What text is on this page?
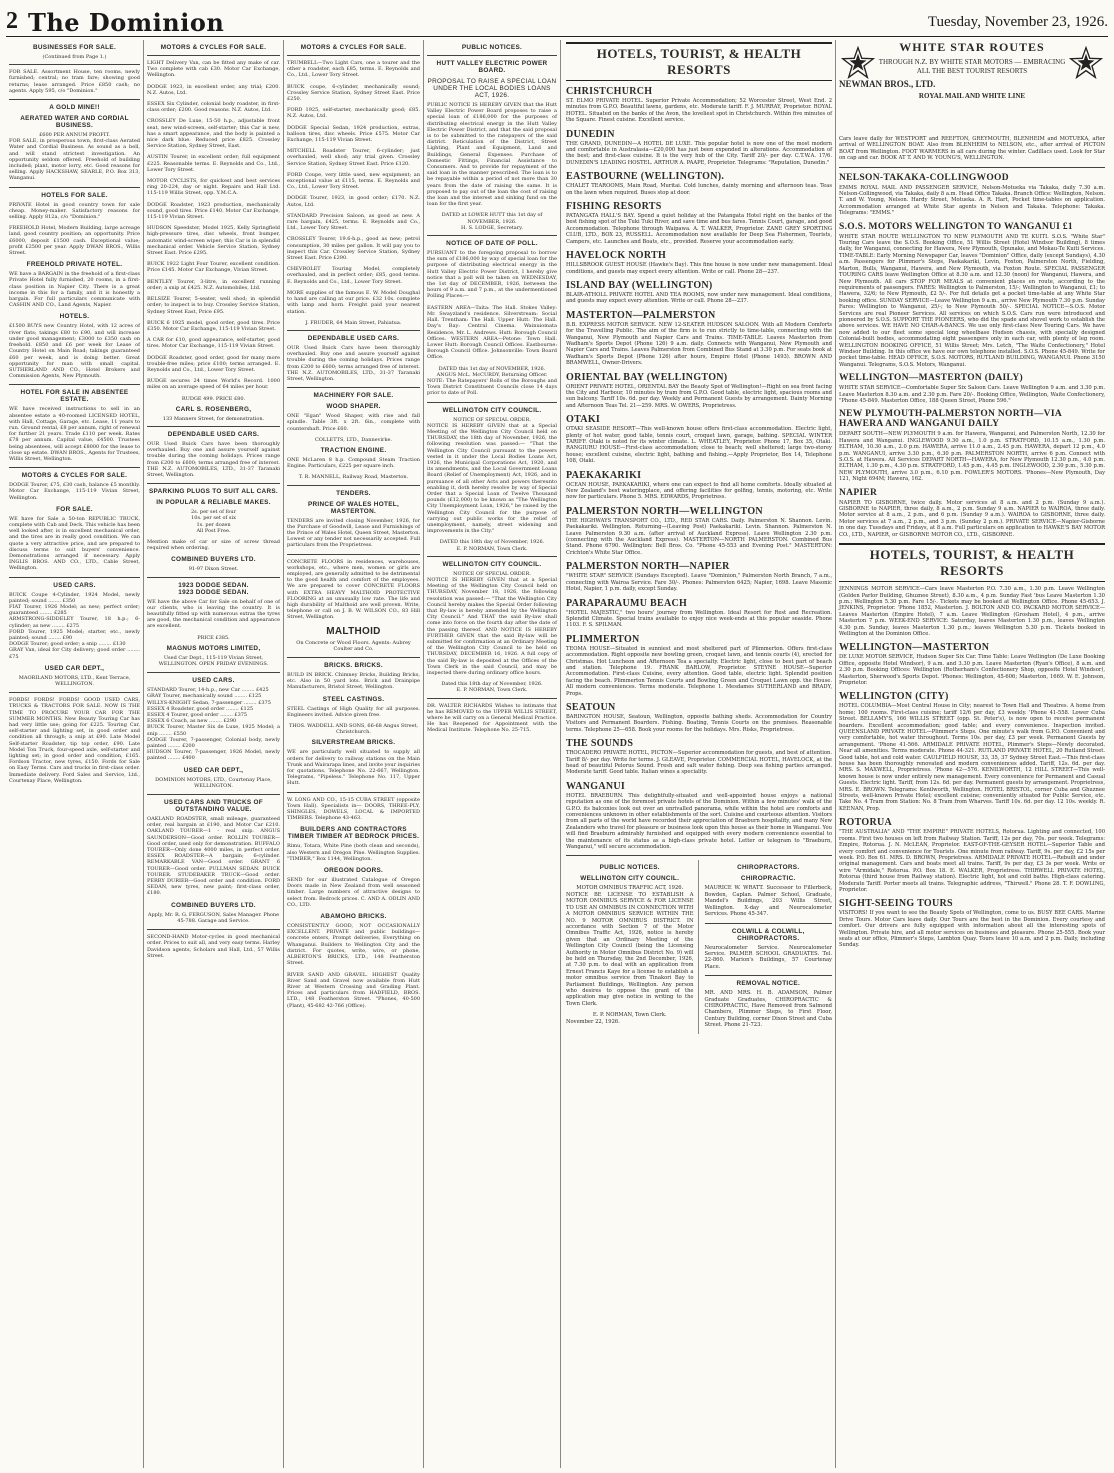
2 The Dominion	Tuesday, November 23, 1926.
BUSINESSES FOR SALE.
(Continued from Page 1.)

FOR SALE. Assortment House, ten rooms, newly furnished; central; no tram fare; showing good returns; lease arranged. Price £850 cash; no agents. Apply 595, c/o "Dominion."

A GOLD MINE!!
AERATED WATER AND CORDIAL BUSINESS.
£600 PER ANNUM PROFIT.

FOR SALE, in prosperous town, first-class Aerated Water and Cordial Business. As sound as a bell, and will stand strictest investigation. An opportunity seldom offered. Freehold of building included; plant, motor lorry, etc. Good reasons for selling. Apply HACKSHAW, SEARLE, P.O. Box 313, Wanganui.

HOTELS FOR SALE.

PRIVATE Hotel in good country town for sale cheap. Money-maker. Satisfactory reasons for selling. Apply 812a, c/o "Dominion."

FREEHOLD Hotel, Modern Building, large acreage land, good country position; an opportunity. Price £6000, deposit £1500 cash. Exceptional value; profit £2500 per year. Apply DWAN BROS., Willis Street.

FREEHOLD PRIVATE HOTEL.

WE have a BARGAIN in the freehold of a first-class Private Hotel fully furnished, 20 rooms, in a first-class position in Napier City. There is a great income in this for a family, and it is honestly a bargain. For full particulars communicate with CASHIN AND CO., Land Agents, Napier.

HOTELS.

£1500 BUYS new Country Hotel, with 12 acres of river flats; takings £80 to £90, and will increase under good management; £3000 to £350 cash on freehold. £850 and £6 per week for Lease of Country Hotel on Main Road; takings guaranteed £60 per week, and is doing better. Great opportunity for man with small capital. SUTHERLAND AND CO., Hotel Brokers and Commission Agents, New Plymouth.

HOTEL FOR SALE IN ABSENTEE ESTATE.

WE have received instructions to sell in an absentee estate a 40-roomed LICENSED HOTEL, with Hall, Cottage, Garage, etc. Lease, 11 years to run. Ground rental, £8 per annum, right of renewal for further 21 years. Trade £110 per week. Rates £78 per annum. Capital value, £4500. Trustees being absentees, will accept £8000 for the lease to close up estate. DWAN BROS., Agents for Trustees, Willis Street, Wellington.

MOTORS & CYCLES FOR SALE.

DODGE Tourer, £75, £30 cash, balance £5 monthly. Motor Car Exchange, 115-119 Vivian Street, Wellington.

FOR SALE.

WE have for Sale a 50-ton REPUBLIC TRUCK, complete with Cab and Deck. This vehicle has been well looked after, is in excellent mechanical order, and the tires are in really good condition. We can quote a very attractive price, and are prepared to discuss terms to suit buyers' convenience. Demonstrations arranged if necessary. Apply INGLIS BROS. AND CO., LTD., Cable Street, Wellington.

USED CARS.

BUICK Coupe 4-Cylinder, 1924 Model, newly painted; sound ........ £350
FIAT Tourer, 1926 Model; as new; perfect order; guaranteed ........ £285
ARMSTRONG-SIDDELEY Tourer, 18 h.p.; 6-cylinder; as new ........ £275
FORD Tourer, 1925 Model; starter, etc., newly painted; sound ........ £90
DODGE Tourer; good order; a snip ........ £130
GRAY Van, ideal for City delivery; good order ........ £75

USED CAR DEPT.,

MAORILAND MOTORS, LTD., Kent Terrace, WELLINGTON.

FORDS! FORDS! FORDS! GOOD USED CARS, TRUCKS & TRACTORS FOR SALE. NOW IS THE TIME TO PROCURE YOUR CAR FOR THE SUMMER MONTHS. New Beauty Touring Car has had very little use; going for £225. Touring Car, self-starter and lighting set, in good order and condition all through; a snip at £90. Late Model Self-starter Roadster, tip top order, £90. Late Model Ton Truck, four-speed axle, self-starter and lighting set; in good order and condition, £165. Fordson Tractor, new tyres, £150. Fords for Sale on Easy Terms. Cars and trucks in first-class order. Immediate delivery. Ford Sales and Service, Ltd., Courtenay Place, Wellington.

MOTORS & CYCLES FOR SALE.

LIGHT Delivery Van, can be fitted any make of car. Two complete with cab £30. Motor Car Exchange, Wellington.

DODGE 1923, in excellent order, any trial; £200. N.Z. Autos, Ltd.

ESSEX Six Cylinder, colonial body roadster, in first-class order; £200. Good reasons. N.Z. Autos, Ltd.

CROSSLEY De Luxe, 15-50 h.p., adjustable front seat, new wind-screen, self-starter; this Car is new, has a smart appearance, and the body is painted a nice dark blue. Reduced price £825. Crossley Service Station, Sydney Street, East.

AUSTIN Tourer, in excellent order; full equipment £225. Reasonable terms. E. Reynolds and Co., Ltd., Lower Tory Street.

MOTOR CYCLISTS, for quickest and best services ring 20-224, day or night. Repairs and Hall Ltd. 115-119 Willis Street, opp. Y.M.C.A.

DODGE Roadster, 1923 production, mechanically sound, good tires. Price £140. Motor Car Exchange, 115-119 Vivian Street.

HUDSON Speedster, Model 1925, Kelly Springfield high-pressure tires, disc wheels, front bumper, automatic wind-screen wiper; this Car is in splendid mechanical order. Vehicle Service Station, Sydney Street East. Price £295.

BUICK 1922 Light Four Tourer, excellent condition. Price £145. Motor Car Exchange, Vivian Street.

BENTLEY Tourer, 3-litre, in excellent running order; a snip at £425. N.Z. Automobiles, Ltd.

BELSIZE Tourer, 5-seater, well shod; in splendid order; to inspect is to buy. Crossley Service Station, Sydney Street East, Price £95.

BUICK 6 1925 model, good order, good tires. Price £350. Motor Car Exchange, 115-119 Vivian Street.

A CAR for £10, good appearance, self-starter, good tires. Motor Car Exchange, 115-119 Vivian Street.

DODGE Roadster, good order, good for many more trouble-free miles; price £100; terms arranged. E. Reynolds and Co., Ltd., Lower Tory Street.

RUDGE secures 24 times World's Record. 1000 miles on an average speed of 64 miles per hour.

RUDGE 499. PRICE £80.
CARL S. ROSENBERG,
133 Manners Street, for demonstration.
DEPENDABLE USED CARS.

OUR Used Buick Cars have been thoroughly overhauled. Buy one and assure yourself against trouble during the coming holidays. Prices range from £200 to £600; terms arranged free of interest. THE N.Z. AUTOMOBILES, LTD., 31-37 Taranaki Street, Wellington.

SPARKING PLUGS TO SUIT ALL CARS.
IN POPULAR & RELIABLE MAKES.

2s. per set of four
10s. per set of six
1s. per dozen
All Post Free.

Mention make of car or size of screw thread required when ordering.

COMBINED BUYERS LTD.
91-97 Dixon Street.
1923 DODGE SEDAN.
1923 DODGE SEDAN.

WE have the above Car for Sale on behalf of one of our clients, who is leaving the country. It is beautifully fitted up with numerous extras the tyres are good, the mechanical condition and appearance are excellent.

PRICE £385.
MAGNUS MOTORS LIMITED,

Used Car Dept., 115-119 Vivian Street, WELLINGTON. OPEN FRIDAY EVENINGS.

USED CARS.

STANDARD Tourer, 14-h.p., new Car ........ £425
GRAY Tourer, mechanically sound ........ £125
WILLYS-KNIGHT Sedan, 7-passenger ........ £375
ESSEX 4 Roadster, good order ........ £125
ESSEX 4 Tourer, good order ........ £375
ESSEX 6 Coach, as new ........ £290
BUICK Tourer, Master Six de Luxe, 1925 Model; a snip ........ £550
DODGE Tourer, 7-passenger, Colonial body, newly painted ........ £200
HUDSON Tourer, 7-passenger, 1926 Model, newly painted ........ £400

USED CAR DEPT.,

DOMINION MOTORS, LTD., Courtenay Place, WELLINGTON.

USED CARS AND TRUCKS OF OUTSTANDING VALUE.

OAKLAND ROADSTER, small mileage, guaranteed order, real bargain at £190, and Motor Car £210. OAKLAND TOURER—1 - real snip. ANGUS SAUNDERSON—Good order. ROLLIN TOURER—Good order, used only for demonstration. BUFFALO TOURER—Only done 4000 miles, in perfect order. ESSEX ROADSTER—A bargain; 6-cylinder. REMARKABLE VAN—Good order. GRANT 6 TOURER—Good order. PULLMAN SEDAN. BUICK TOURER. STUDEBAKER TRUCK—Good order. PERRY DURIER—Good order and condition. FORD SEDAN, new tyres, new paint; first-class order, £180.

COMBINED BUYERS LTD.

Apply, Mr. R. G. FERGUSON, Sales Manager. Phone 45-788. Garage and Service.

SECOND-HAND Motor-cycles in good mechanical order. Prices to suit all, and very easy terms. Harley Davidson agents, Scholars and Hall, Ltd., 57 Willis Street.

MOTORS & CYCLES FOR SALE.

TRUMBELL—Two Light Cars, one a tourer and the other a roadster, each £85, terms. E. Reynolds and Co., Ltd., Lower Tory Street.

BUICK coupe, 6-cylinder, mechanically sound; Crossley Service Station, Sydney Street East. Price £250.

FORD 1925, self-starter, mechanically good; £85. N.Z. Autos, Ltd.

DODGE Special Sedan, 1924 production, extras, balloon tires, disc wheels. Price £575. Motor Car Exchange, 115-119 Vivian Street.

MITCHELL Roadster Tourer, 6-cylinder; just overhauled, well shod; any trial given. Crossley Service Station, Sydney Street East. Price £120.

FORD Coupe, very little used, new equipment; an exceptional value at £115, terms. E. Reynolds and Co., Ltd., Lower Tory Street.

DODGE Tourer, 1923, in good order; £170. N.Z. Autos, Ltd.

STANDARD Precision Saloon, as good as new. A rare bargain, £425, terms. E. Reynolds and Co., Ltd., Lower Tory Street.

CROSSLEY Tourer, 19.6-h.p., good as new; petrol consumption, 30 miles per gallon. It will pay you to inspect this Car. Crossley Service Station, Sydney Street East. Price £290.

CHEVROLET Touring Model, completely overhauled, and in perfect order; £85, good terms. E. Reynolds and Co., Ltd., Lower Tory Street.

MORE supplies of the famous E. W. Model Doughal to hand are calling at our price. £32 10s. complete with lamp and horn. Freight paid your nearest station.

J. FRUDER, 64 Main Street, Pahiatua.
DEPENDABLE USED CARS.

OUR Used Buick Cars have been thoroughly overhauled. Buy one and assure yourself against trouble during the coming holidays. Prices range from £200 to £600; terms arranged free of interest. THE N.Z. AUTOMOBILES, LTD., 31-37 Taranaki Street, Wellington.

MACHINERY FOR SALE.
WOOD SHAPER.

ONE "Egan" Wood Shaper, with rise and fall spindle. Table 3ft. x 2ft. 6in., complete with countershaft. Price £60.

COLLETTS, LTD., Dannevirke.
TRACTION ENGINE.

ONE McLaren 8 h.p. Compound Steam Traction Engine. Particulars, £225 per square inch.

T. R. MANNELL, Railway Road, Masterton.
TENDERS.
PRINCE OF WALES HOTEL, MASTERTON.

TENDERS are invited closing November, 1926, for the Purchase of Goodwill, Lease and Furnishings of the Prince of Wales Hotel, Queen Street, Masterton. Lowest or any tender not necessarily accepted. Full particulars from the Proprietress.

CONCRETE FLOORS in residences, warehouses, workshops, etc., where men, women or girls are employed, are generally admitted to be detrimental to the good health and comfort of the employees. We are prepared to cover CONCRETE FLOORS with EXTRA HEAVY MALTHOID PROTECTIVE FLOORING at an unusually low rate. The life and high durability of Malthoid are well proven. Write, telephone or call on J. B. W. WILSON CO., 83 Hill Street, Wellington.

MALTHOID

On Concrete or Wood Floors. Agents: Aubrey Coulter and Co.

BRICKS. BRICKS.

BUILD IN BRICK. Chimney Bricks, Building Bricks, etc. Also in 50 yard lots. Brick and Drainpipe Manufacturers, Bristol Street, Wellington.

STEEL CASTINGS.

STEEL Castings of High Quality for all purposes. Engineers invited. Advice given free.

THOS. WADDELL AND SONS, 66-68 Angus Street, Christchurch.
SILVERSTREAM BRICKS.

WE are particularly well situated to supply all orders for delivery to railway stations on the Main Trunk and Wairarapa lines, and invite your inquiries for quotations. Telephone No. 22-667, Wellington. Telegrams, "Pipeless." Telephone No. 117, Upper Hutt.

W. LONG AND CO., 15-15 CUBA STREET (opposite Town Hall). Specialists in— DOORS, THREE-PLY, SHINGLES, DOWELS, LOCAL & IMPORTED TIMBERS. Telephone 43-463.

BUILDERS AND CONTRACTORS TIMBER TIMBER AT BEDROCK PRICES.

Rimu, Totara, White Pine (both clean and seconds), also Western and Oregon Pine. Wellington Supplies. "TIMBER," Box 1144, Wellington.

OREGON DOORS.

SEND for our illustrated Catalogue of Oregon Doors made in New Zealand from well seasoned timber. Large numbers of attractive designs to select from. Bedrock prices. C. AND A. ODLIN AND CO., LTD.

ABAMOHO BRICKS.

CONSISTENTLY GOOD, NOT OCCASIONALLY EXCELLENT. PRIVATE and public buildings—concrete enters, Prompt deliveries, Everything on Whanganui. Builders to Wellington City and the district. For quotes, write, wire, or phone, ALBERTON'S BRICKS, LTD., 148 Featherston Street.

RIVER SAND AND GRAVEL. HIGHEST Quality River Sand and Gravel now available from Hutt River at Western Crossing and Grading Plant. Prices and particulars from HADFIELD, BROS. LTD., 148 Featherston Street. "Phones, 40-500 (Plant), 45-682 42-766 (Office).

PUBLIC NOTICES.
HUTT VALLEY ELECTRIC POWER BOARD.
PROPOSAL TO RAISE A SPECIAL LOAN UNDER THE LOCAL BODIES LOANS ACT, 1926.

PUBLIC NOTICE IS HEREBY GIVEN that the Hutt Valley Electric Power Board proposes to raise a special loan of £186,000 for the purposes of distributing electrical energy in the Hutt Valley Electric Power District, and that the said proposal is to be submitted to the ratepayers of the said district. Reticulation of the District, Street Lighting, Plant and Equipment, Land and Buildings, General Expenses. Purchase of Domestic Fittings, Financial Assistance to Consumers. And to provide for repayment of the said loan in the manner prescribed. The loan is to be repayable within a period of not more than 30 years from the date of raising the same. It is proposed to pay out of the loan the cost of raising the loan and the interest and sinking fund on the loan for the first year.

DATED at LOWER HUTT this 1st day of NOVEMBER, 1926.
H. S. LODGE, Secretary.
NOTICE OF DATE OF POLL.

PURSUANT to the foregoing proposal to borrow the sum of £186,000 by way of special loan for the purpose of distributing electrical energy in the Hutt Valley Electric Power District, I hereby give notice that a poll will be taken on WEDNESDAY, the 1st day of DECEMBER, 1926, between the hours of 9 a.m. and 7 p.m., at the undermentioned Polling Places:—

EASTERN AREA—Taita: The Hall. Stokes Valley: Mr. Swayzland's residence. Silverstream: Social Hall. Trentham: The Hall. Upper Hutt: The Hall. Day's Bay: Central Cinema. Wainuiomata Residence, Mr. L. Andrews. Hutt: Borough Council Offices. WESTERN AREA—Petone: Town Hall. Lower Hutt: Borough Council Offices. Eastbourne: Borough Council Office. Johnsonville: Town Board Office.

DATED this 1st day of NOVEMBER, 1926.
ANGUS McL. McCURDY, Returning Officer.

NOTE: The Ratepayers' Rolls of the Boroughs and Town District Constituent Councils close 14 days prior to date of Poll.

WELLINGTON CITY COUNCIL.
NOTICE OF SPECIAL ORDER.

NOTICE IS HEREBY GIVEN that at a Special Meeting of the Wellington City Council held on THURSDAY, the 18th day of November, 1926, the following resolution was passed:— "That the Wellington City Council pursuant to the powers vested in it under the Local Bodies Loans Act, 1926, the Municipal Corporations Act, 1920, and its amendments, and the Local Government Loans Board (Relief of Unemployment) Act, 1926, and in pursuance of all other Acts and powers thereunto enabling it, doth hereby resolve by way of Special Order that a Special Loan of Twelve Thousand pounds (£12,000) to be known as "The Wellington City Unemployment Loan, 1926," be raised by the Wellington City Council for the purpose of carrying out public works for the relief of unemployment, namely, street widening and improvements in the City."

DATED this 18th day of November, 1926.
E. P. NORMAN, Town Clerk.
WELLINGTON CITY COUNCIL.
NOTICE OF SPECIAL ORDER.

NOTICE IS HEREBY GIVEN that at a Special Meeting of the Wellington City Council held on THURSDAY, November 18, 1926, the following resolution was passed:— "That the Wellington City Council hereby makes the Special Order following that By-law is hereby amended by the Wellington City Council." And THAT the said By-law shall come into force on the fourth day after the date of the passing thereof. AND NOTICE IS HEREBY FURTHER GIVEN that the said By-law will be submitted for confirmation at an Ordinary Meeting of the Wellington City Council to be held on THURSDAY, DECEMBER 16, 1926. A full copy of the said By-law is deposited at the Offices of the Town Clerk in the said Council, and may be inspected there during ordinary office hours.

Dated this 18th day of November, 1926.
E. P. NORMAN, Town Clerk.

DR. WALTER RICHARDS Wishes to intimate that he has REMOVED to the UPPER WILLIS STREET, where he will carry on a General Medical Practice. He has Reopened for Appointment with the Medical Institute. Telephone No. 25-715.

HOTELS, TOURIST, & HEALTH RESORTS
CHRISTCHURCH

ST. ELMO PRIVATE HOTEL. Superior Private Accommodation; 52 Worcester Street, West End. 2 minutes from G.P.O. Beautiful lawns, gardens, etc. Moderate tariff. F. J. MURRAY, Proprietor. ROYAL HOTEL. Situated on the banks of the Avon, the loveliest spot in Christchurch. Within five minutes of the Square. Finest cuisine. Excellent service.

DUNEDIN

THE GRAND, DUNEDIN—A HOTEL DE LUXE. This popular hotel is now one of the most modern and comfortable in Australasia—£20,000 has just been expended in alterations. Accommodation of the best; and first-class cuisine. It is the very hub of the City. Tariff 20/- per day. C.T.W.A. 17/6. DUNEDIN'S LEADING HOSTEL. ARTHUR A. PAAPE, Proprietor. Telegrams: "Reputation, Dunedin."

EASTBOURNE (WELLINGTON).

CHALET TEAROOMS, Main Road, Muritai. Cold lunches, dainty morning and afternoon teas. Teas on the lawn when required. Buses stop at door.

FISHING RESORTS

PATANGATA HALL'S BAY. Spend a quiet holiday at the Patangata Hotel right on the banks of the best fishing spot of the Tuki Tuki River, and save time and bus fares. Tennis Court, garage, and good Accommodation. Telephone through Waipawa. A. T. WALKER, Proprietor. ZANE GREY SPORTING CLUB, LTD., BOX 23, RUSSELL. Accommodation now available for Deep Sea Fishermen, Tourists, Campers, etc. Launches and Boats, etc., provided. Reserve your accommodation early.

HAVELOCK NORTH

HILLSBROOK GUEST HOUSE (Hawke's Bay). This fine house is now under new management. Ideal conditions, and guests may expect every attention. Write or call. Phone 28—237.

ISLAND BAY (WELLINGTON)

BLAIR-ATHOLL PRIVATE HOTEL AND TEA ROOMS, now under new management. Ideal conditions, and guests may expect every attention. Write or call. Phone 28—237.

MASTERTON—PALMERSTON

B.B. EXPRESS MOTOR SERVICE. NEW 12-SEATER HUDSON SALOON. With all Modern Comforts for the Travelling Public. The aim of the firm is to run strictly to time-table, connecting with the Wanganui, New Plymouth and Napier Cars and Trains. TIME-TABLE. Leaves Masterton from Wadham's Sports Depot (Phone 126) 9 a.m. daily. Connects with Wanganui, New Plymouth and Napier Cars and Trains. Leaves Palmerston from Combined Bus Stand at 3.30 p.m. For seats book at Wadham's Sports Depot (Phone 126) after hours, Empire Hotel (Phone 1493). BROWN AND BRAMWELL, Owner-Drivers.

ORIENTAL BAY (WELLINGTON)

ORIENT PRIVATE HOTEL, ORIENTAL BAY the Beauty Spot of Wellington!—Right on sea front facing the City and Harbour, 10 minutes by tram from G.P.O. Good table, electric light, spacious rooms and sun balcony. Tariff 10s. 6d. per day. Weekly and Permanent Guests by arrangement. Dainty Morning and Afternoon Teas Tel. 21—259. MRS. W. OWERS, Proprietress.

OTAKI

OTAKI SEASIDE RESORT—This well-known house offers first-class accommodation. Electric light, plenty of hot water, good table, tennis court, croquet lawn, garage, bathing. SPECIAL WINTER TARIFF. Otaki is noted for its winter climate. L. WHEATLEY, Proprietor. Phone 17, Box 35, Otaki. RANGIURU HOUSE—First-class accommodation; close to beach; well sheltered; large two-storey house; excellent cuisine, electric light, bathing and fishing.—Apply Proprietor, Box 14, Telephone 108, Otaki.

PAEKAKARIKI

OCEAN HOUSE, PAEKAKARIKI, where one can expect to find all home comforts. Ideally situated at New Zealand's best wateringplace, and offering facilities for golfing, tennis, motoring, etc. Write now for particulars. Phone 5. MRS. EDWARDS, Proprietress.

PALMERSTON NORTH—WELLINGTON

THE HIGHWAYS TRANSPORT CO., LTD., RED STAR CARS. Daily. Palmerston N. Shannon. Levin. Paekakariki. Wellington. Returning—(Leaving Post) Paekakariki. Levin. Shannon. Palmerston N. Leave Palmerston 9.30 a.m. (after arrival of Auckland Express). Leave Wellington 2.30 p.m. (connecting with the Auckland Express). MASTERTON—NORTH PALMERSTON. Combined Bus Stand. Phone 6790. Wellington: Bell Bros. Co. "Phone 45-553 and Evening Post." MASTERTON: Crichton's White Star Office.

PALMERSTON NORTH—NAPIER

"WHITE STAR" SERVICE (Sundays Excepted). Leave "Dominion," Palmerston North Branch, 7 a.m., connecting with Wairoa Service. Fare 30/-. Phones: Palmerston 6425; Napier, 1698. Leave Masonic Hotel, Napier, 1 p.m. daily, except Sunday.

PARAPARAUMU BEACH

"HOTEL MAJESTIC," two hours' journey from Wellington. Ideal Resort for Rest and Recreation. Splendid Climate. Special trains available to enjoy nice week-ends at this popular seaside. Phone 1103. F. S. SPILMAN.

PLIMMERTON

TEOMA HOUSE—Situated in sunniest and most sheltered part of Plimmerton. Offers first-class accommodation. Right opposite new bowling green, croquet lawn, and tennis courts (4), erected for Christmas. Hot Luncheon and Afternoon Tea a specialty. Electric light, close to best part of beach and station. Telephone 19. FRANK BARLOW, Proprietor. STEYNE HOUSE—Superior Accommodation. First-class Cuisine, every attention. Good table, electric light. Splendid position facing the beach. Plimmerton Tennis Courts and Bowling Green and Croquet Lawn opp. the House. All modern conveniences. Terms moderate. Telephone 1. Mesdames SUTHERLAND and BRADY, Props.

SEATOUN

BARINGTON HOUSE, Seatoun, Wellington, opposite bathing sheds. Accommodation for Country Visitors and Permanent Boarders. Fishing. Boating, Tennis Courts on the premises. Reasonable terms. Telephone 25—658. Book your rooms for the holidays. Mrs. Risks, Proprietress.

THE SOUNDS

TROCADERO PRIVATE HOTEL, PICTON—Superior accommodation for guests, and best of attention. Tariff 8/- per day. Write for terms. J. GLEAVE, Proprietor. COMMERCIAL HOTEL, HAVELOCK, at the head of beautiful Pelorus Sound. Fresh and salt water fishing. Deep sea fishing parties arranged. Moderate tariff. Good table. Italian wines a speciality.

WANGANUI

HOTEL BRAEBURN. This delightfully-situated and well-appointed house enjoys a national reputation as one of the foremost private hotels of the Dominion. Within a few minutes' walk of the G.P.O. its balconies look out over an unrivalled panorama, while within the hotel are comforts and conveniences unknown in other establishments of the sort. Cuisine and courteous attention. Visitors from all parts of the world have recorded their appreciation of Braeburn hospitality, and many New Zealanders who travel for pleasure or business look upon this house as their home in Wanganui. You will find Braeburn admirably furnished and equipped with every modern convenience essential to the maintenance of its status as a high-class private hotel. Letter or telegram to "Braeburn, Wanganui," will secure accommodation.

PUBLIC NOTICES.
WELLINGTON CITY COUNCIL.
MOTOR OMNIBUS TRAFFIC ACT, 1926.

NOTICE BE LICENSE TO ESTABLISH A MOTOR OMNIBUS SERVICE & FOR LICENSE TO USE AN OMNIBUS IN CONNECTION WITH A MOTOR OMNIBUS SERVICE WITHIN THE NO. 9 MOTOR OMNIBUS DISTRICT. IN accordance with Section 7 of the Motor Omnibus Traffic Act, 1926, notice is hereby given that an Ordinary Meeting of the Wellington City Council (being the Licensing Authority in Motor Omnibus District No. 9) will be held on Thursday, the 2nd December, 1926, at 7.30 p.m. to deal with an application from Ernest Francis Kaye for a license to establish a motor omnibus service from Tinakori Bay to Parliament Buildings, Wellington. Any person who desires to oppose the grant of the application may give notice in writing to the Town Clerk.

E. P. NORMAN, Town Clerk.
November 22, 1926.
CHIROPRACTORS.
CHIROPRACTIC.

MAURICE W. WRATT. Successor to Fillerbeck, Bowden, Caplan. Palmer School, Graduate, Mandel's Buildings, 203 Willis Street, Wellington. X-day and Neurocalometer Services. Phone 45-347.

COLWILL & COLWILL, CHIROPRACTORS.

Neurocalometer Service. Neurocalometer Service. PALMER SCHOOL GRADUATES. Tel. 22-860. Marion's Buildings, 57 Courtenay Place.

REMOVAL NOTICE.

MR. AND MRS. H. B. ADAMSON, Palmer Graduate Graduates, CHIROPRACTIC & CHIROPRACTIC, Have Removed from Salmond Chambers, Plimmer Steps, to First Floor, Century Building, corner Dixon Street and Cuba Street. Phone 21-723.

WHITE STAR ROUTES
THROUGH N.Z. BY WHITE STAR MOTORS — EMBRACING ALL THE BEST TOURIST RESORTS
NEWMAN BROS., LTD.
ROYAL MAIL AND WHITE LINE

Cars leave daily for WESTPORT and REEFTON, GREYMOUTH, BLENHEIM and MOTUEKA, after arrival of WELLINGTON BOAT. Also from BLENHEIM to NELSON, etc., after arrival of PICTON BOAT from Wellington. FOOT WARMERS in all cars during the winter. Cadillacs used. Look for Star on cap and car. BOOK AT T. AND W. YOUNG'S, WELLINGTON.

NELSON-TAKAKA-COLLINGWOOD

EMMS ROYAL MAIL AND PASSENGER SERVICE, Nelson-Motueka via Takaka, daily 7.30 a.m. Nelson-Collingwood, via Takaka, daily 8 a.m. Head Office Takaka. Branch Office: Wellington, Nelson. T. and W. Young, Nelson. Hardy Street, Motueka. A. R. Hart, Pocket time-tables on application. Accommodation arranged at White Star agents in Nelson and Takaka. Telephone: Takaka. Telegrams: "EMMS."

S.O.S. MOTORS WELLINGTON TO WANGANUI £1

WHITE STAR ROUTE WELLINGTON TO NEW PLYMOUTH AND TE KUITI. S.O.S. "White Star" Touring Cars leave the S.O.S. Booking Office, 51 Willis Street (Hotel Windsor Building), 8 times daily, for Wanganui, connecting for Hawera, New Plymouth, Opunake, and Mokau-Te Kuiti Services. TIME-TABLE: Early Morning Newspaper Car, leaves "Dominion" Office, daily (except Sundays), 4.30 a.m. Passengers for Plimmer's Steps, Paekakariki, Levin, Foxton, Palmerston North, Fielding, Marton, Bulls, Wanganui, Hawera, and New Plymouth, via Foxton Route. SPECIAL PASSENGER TOURING CARS leave Wellington Office at 8.30 a.m. and 12.30 (noon) for Wanganui, Hawera, and New Plymouth. All cars STOP FOR MEALS at convenient places en route, according to the requirements of passengers. FARES: Wellington to Palmerston, 15/-; Wellington to Wanganui, £1; to Hawera, 32/6; to New Plymouth, £2 5/-. For full details get a pocket time-table at any White Star booking office. SUNDAY SERVICE—Leave Wellington 9 a.m., arrive New Plymouth 7.30 p.m. Sunday Fares: Wellington to Wanganui, 25/-; to New Plymouth 50/-. SPECIAL NOTICE—S.O.S. Motor Services are real Pioneer Services. All services on which S.O.S. Cars run were introduced and pioneered by S.O.S. SUPPORT THE PIONEERS, who did the spade and shovel work to establish the above services. WE HAVE NO CHAR-A-BANCS. We use only first-class New Touring Cars. We have now added to our fleet some special long wheelbase Hudson chassis, with specially designed Colonial-built bodies, accommodating eight passengers only in each car, with plenty of leg room. WELLINGTON BOOKING OFFICE, 51 Willis Street; Mrs. Letch, "The Waite Confectionery," Hotel Windsor Building. In this office we have our own telephone installed. S.O.S. Phone 45-849. Write for pocket time-table. HEAD OFFICE, S.O.S. MOTORS, RUTLAND BUILDING, WANGANUI. Phone 3150 Wanganui. Telegrams, S.O.S. Motors, Wanganui.

WELLINGTON—MASTERTON (DAILY)

WHITE STAR SERVICE—Comfortable Super Six Saloon Cars. Leave Wellington 9 a.m. and 3.30 p.m. Leave Masterton 8.30 a.m. and 2.30 p.m. Fare 20/-. Booking Office, Wellington, Waite Confectionery, "Phone 45-849. Masterton Office, 188 Queen Street, Phone 596."

NEW PLYMOUTH-PALMERSTON NORTH—VIA HAWERA AND WANGANUI DAILY

DEPART SOUTH—NEW PLYMOUTH 9 a.m. for Hawera, Wanganui, and Palmerston North, 12.30 for Hawera and Wanganui. INGLEWOOD 9.30 a.m., 1.0 p.m. STRATFORD, 10.15 a.m., 1.30 p.m. ELTHAM, 10.30 a.m., 2.0 p.m. HAWERA, arrive 11.0 a.m., 2.45 p.m. HAWERA, depart 12 p.m., 4.0 p.m. WANGANUI, arrive 3.30 p.m., 6.30 p.m. PALMERSTON NORTH, arrive 6 p.m. Connect with S.O.S. at Hawera. All Services DEPART NORTH—HAWERA, for New Plymouth 12.30 p.m., 4.0 p.m. ELTHAM, 1.30 p.m., 4.30 p.m. STRATFORD, 1.45 p.m., 4.45 p.m. INGLEWOOD, 2.30 p.m., 5.30 p.m. NEW PLYMOUTH, arrive 3.0 p.m., 6.10 p.m. FOWLER'S MOTORS. 'Phones—New Plymouth, Day 121, Night 694M; Hawera, 162.

NAPIER

NAPIER TO GISBORNE, twice daily. Motor services at 8 a.m. and 2 p.m. (Sunday 9 a.m.). GISBORNE to NAPIER, three daily, 8 a.m., 2 p.m. Sunday 9 a.m. NAPIER to WAIROA, three daily. Motor service at 8 a.m., 2 p.m., and 6 p.m. (Sunday 9 a.m.). WAIROA to GISBORNE, three daily. Motor services at 7 a.m., 2 p.m., and 3 p.m. (Sunday 2 p.m.). PRIVATE SERVICE—Napier-Gisborne in one day. Tuesdays and Fridays, at 8 a.m. Full particulars on application to HAWKE'S BAY MOTOR CO., LTD., NAPIER, or GISBORNE MOTOR CO., LTD., GISBORNE.

HOTELS, TOURIST, & HEALTH RESORTS

JENNINGS MOTOR SERVICE—Cars leave Masterton P.O. 7.30 a.m., 1.30 p.m. Leave Wellington (Golden Parlor Building, Ghuznee Street), 8.30 a.m., 4 p.m. Sunday Fast 'bus Leave Masterton 1.30 p.m.; Wellington 5.30 p.m. Fare 15/-. Tickets may be booked at Wellington Office. Phone 45-653. J. JENKINS, Proprietor. 'Phone 1852, Masterton. J. BOLTON AND CO. PACKARD MOTOR SERVICE—Leaves Masterton (Empire Hotel), 7 a.m. Leave Wellington (Grosham Hotel), 4 p.m., arrive Masterton 7 p.m. WEEK-END SERVICE: Saturday, leaves Masterton 1.30 p.m., leaves Wellington 4.30 p.m. Sunday, leaves Masterton 1.30 p.m.; leaves Wellington 5.30 p.m. Tickets booked in Wellington at the Dominion Office.

WELLINGTON—MASTERTON

DE LUXE MOTOR SERVICE, Hudson Super Six Car. Time Table: Leave Wellington (De Luxe Booking Office, opposite Hotel Windsor), 9 a.m. and 3.30 p.m. Leave Masterton (Ryan's Office), 8 a.m. and 2.30 p.m. Booking Offices: Wellington (Rotherham's Confectionery Shop, opposite Hotel Windsor), Masterton, Sherwood's Sports Depot. 'Phones: Wellington, 45-606; Masterton, 1669. W. E. Johnson, Proprietor.

WELLINGTON (CITY)

HOTEL COLUMBIA—Most Central House in City; nearest to Town Hall and Theatres. A home from home; 100 rooms. First-class cuisine; tariff 12/6 per day, £3 weekly. 'Phone 41-558. Lower Cuba Street. BELLAMY'S, 166 WILLIS STREET (opp. St. Peter's), is now open to receive permanent boarders. Excellent accommodation; good table; and every convenience. Inspection invited. QUEENSLAND PRIVATE HOTEL—Plimmer's Steps. One minute's walk from G.P.O. Convenient and very comfortable, hot water throughout. Terms 10s. per day, £3 per week. Permanent Guests by arrangement. 'Phone 41-566. ARMIDALE PRIVATE HOTEL, Plimmer's Steps—Newly decorated. Near all amenities. Terms moderate. Phone 44-321. RUTLAND PRIVATE HOTEL, 20 Rutland Street. Good table, hot and cold water. CAULFIELD HOUSE, 33, 35, 37 Sydney Street East.—This first-class house has been thoroughly renovated and modern conveniences added. Tariff, 12s. 6d. per day. MRS. S. MAXWELL, Proprietress. 'Phone 42—576. KENILWORTH, 12 HILL STREET—This well-known house is now under entirely new management. Every convenience for Permanent and Casual Guests. Electric light. Tariff, from 12s. 6d. per day. Permanent guests by arrangement. Proprietress, MRS. E. BROWN. Telegrams: Kenilworth, Wellington. HOTEL BRISTOL, corner Cuba and Ghuznee Streets, well-known Private Hotel; excellent cuisine; conveniently situated for Public Service, etc. Take No. 4 Tram from Station: No. 8 Tram from Wharves. Tariff 10s. 6d. per day. 12 10s. weekly. R. KEENAN, Prop.

ROTORUA

"THE AUSTRALIA" AND "THE EMPIRE" PRIVATE HOTELS, Rotorua. Lighting and connected, 100 rooms. First two houses on left from Railway Station. Tariff, 12s per day, 70s. per week. Telegrams: Empire, Rotorua. J. N. McLEAN, Proprietor. EAST-OF-THE-GEYSER HOTEL—Superior Table and every comfort and convenience for Tourists. One minute from railway. Tariff, 9s. per day, £2 15s per week. P.O. Box 61. MRS. D. BROWN, Proprietress. ARMIDALE PRIVATE HOTEL—Rebuilt and under original management. Cars and boats meet all trains. Tariff, 9s per day, £3 3s per week. Write or wire "Armidale," Rotorua. P.O. Box 18. E. WALKER, Proprietress. THIRWELL PRIVATE HOTEL, Rotorua (third house from Railway station). Electric light, hot and cold baths. High-class catering. Moderate Tariff. Porter meets all trains. Telegraphic address, "Thirwell." Phone 28. T. F. DOWLING, Proprietor.

SIGHT-SEEING TOURS

VISITORS! If you want to see the Beauty Spots of Wellington, come to us. BUSY BEE CARS. Marine Drive Tours. Motor Cars leave daily. Our Tours are the best in the Dominion. Every courtesy and comfort. Our drivers are fully equipped with information about all the interesting spots of Wellington. Private hire, and all motor services on business and pleasure. Phone 25-555. Book your seats at our office, Plimmer's Steps, Lambton Quay. Tours leave 10 a.m. and 2 p.m. Daily, including Sunday.
